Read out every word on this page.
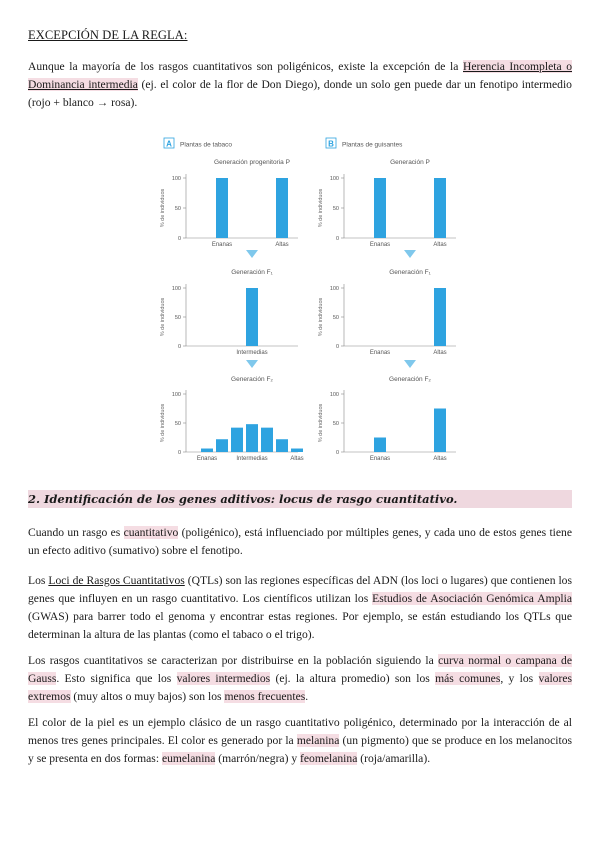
EXCEPCIÓN DE LA REGLA:
Aunque la mayoría de los rasgos cuantitativos son poligénicos, existe la excepción de la Herencia Incompleta o Dominancia intermedia (ej. el color de la flor de Don Diego), donde un solo gen puede dar un fenotipo intermedio (rojo + blanco → rosa).
A Plantas de tabaco	B Plantas de guisantes
Generación progenitoria P	Generación P
Generación F₁	Generación F₁
Generación F₂	Generación F₂
100
50
0
% de individuos
Enanas	Altas
100
50
0
% de individuos
Intermedias
100
50
0
% de individuos
Enanas	Intermedias	Altas
100
50
0
% de individuos
Enanas	Altas
100
50
0
% de individuos
Enanas	Altas
100
50
0
% de individuos
Enanas	Altas
2. Identificación de los genes aditivos: locus de rasgo cuantitativo.
Cuando un rasgo es cuantitativo (poligénico), está influenciado por múltiples genes, y cada uno de estos genes tiene un efecto aditivo (sumativo) sobre el fenotipo.
Los Loci de Rasgos Cuantitativos (QTLs) son las regiones específicas del ADN (los loci o lugares) que contienen los genes que influyen en un rasgo cuantitativo. Los científicos utilizan los Estudios de Asociación Genómica Amplia (GWAS) para barrer todo el genoma y encontrar estas regiones. Por ejemplo, se están estudiando los QTLs que determinan la altura de las plantas (como el tabaco o el trigo).
Los rasgos cuantitativos se caracterizan por distribuirse en la población siguiendo la curva normal o campana de Gauss. Esto significa que los valores intermedios (ej. la altura promedio) son los más comunes, y los valores extremos (muy altos o muy bajos) son los menos frecuentes.
El color de la piel es un ejemplo clásico de un rasgo cuantitativo poligénico, determinado por la interacción de al menos tres genes principales. El color es generado por la melanina (un pigmento) que se produce en los melanocitos y se presenta en dos formas: eumelanina (marrón/negra) y feomelanina (roja/amarilla).
